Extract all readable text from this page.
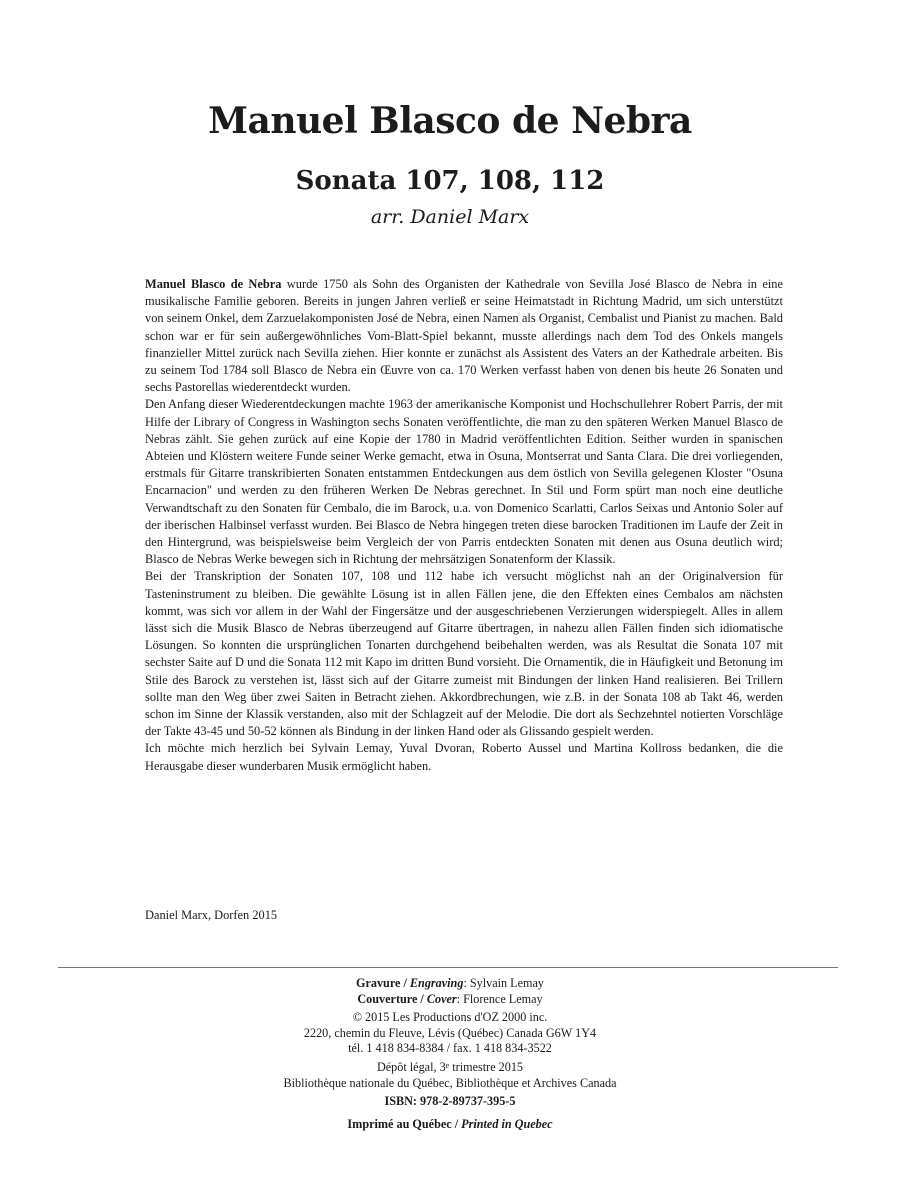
Manuel Blasco de Nebra
Sonata 107, 108, 112

arr. Daniel Marx

Manuel Blasco de Nebra wurde 1750 als Sohn des Organisten der Kathedrale von Sevilla José Blasco de Nebra in eine musikalische Familie geboren. Bereits in jungen Jahren verließ er seine Heimatstadt in Richtung Madrid, um sich unterstützt von seinem Onkel, dem Zarzuelakomponisten José de Nebra, einen Namen als Organist, Cembalist und Pianist zu machen. Bald schon war er für sein außergewöhnliches Vom-Blatt-Spiel bekannt, musste allerdings nach dem Tod des Onkels mangels finanzieller Mittel zurück nach Sevilla ziehen. Hier konnte er zunächst als Assistent des Vaters an der Kathedrale arbeiten. Bis zu seinem Tod 1784 soll Blasco de Nebra ein Œuvre von ca. 170 Werken verfasst haben von denen bis heute 26 Sonaten und sechs Pastorellas wiederentdeckt wurden.

Den Anfang dieser Wiederentdeckungen machte 1963 der amerikanische Komponist und Hochschullehrer Robert Parris, der mit Hilfe der Library of Congress in Washington sechs Sonaten veröffentlichte, die man zu den späteren Werken Manuel Blasco de Nebras zählt. Sie gehen zurück auf eine Kopie der 1780 in Madrid veröffentlichten Edition. Seither wurden in spanischen Abteien und Klöstern weitere Funde seiner Werke gemacht, etwa in Osuna, Montserrat und Santa Clara. Die drei vorliegenden, erstmals für Gitarre transkribierten Sonaten entstammen Entdeckungen aus dem östlich von Sevilla gelegenen Kloster "Osuna Encarnacion" und werden zu den früheren Werken De Nebras gerechnet. In Stil und Form spürt man noch eine deutliche Verwandtschaft zu den Sonaten für Cembalo, die im Barock, u.a. von Domenico Scarlatti, Carlos Seixas und Antonio Soler auf der iberischen Halbinsel verfasst wurden. Bei Blasco de Nebra hingegen treten diese barocken Traditionen im Laufe der Zeit in den Hintergrund, was beispielsweise beim Vergleich der von Parris entdeckten Sonaten mit denen aus Osuna deutlich wird; Blasco de Nebras Werke bewegen sich in Richtung der mehrsätzigen Sonatenform der Klassik.

Bei der Transkription der Sonaten 107, 108 und 112 habe ich versucht möglichst nah an der Originalversion für Tasteninstrument zu bleiben. Die gewählte Lösung ist in allen Fällen jene, die den Effekten eines Cembalos am nächsten kommt, was sich vor allem in der Wahl der Fingersätze und der ausgeschriebenen Verzierungen widerspiegelt. Alles in allem lässt sich die Musik Blasco de Nebras überzeugend auf Gitarre übertragen, in nahezu allen Fällen finden sich idiomatische Lösungen. So konnten die ursprünglichen Tonarten durchgehend beibehalten werden, was als Resultat die Sonata 107 mit sechster Saite auf D und die Sonata 112 mit Kapo im dritten Bund vorsieht. Die Ornamentik, die in Häufigkeit und Betonung im Stile des Barock zu verstehen ist, lässt sich auf der Gitarre zumeist mit Bindungen der linken Hand realisieren. Bei Trillern sollte man den Weg über zwei Saiten in Betracht ziehen. Akkordbrechungen, wie z.B. in der Sonata 108 ab Takt 46, werden schon im Sinne der Klassik verstanden, also mit der Schlagzeit auf der Melodie. Die dort als Sechzehntel notierten Vorschläge der Takte 43-45 und 50-52 können als Bindung in der linken Hand oder als Glissando gespielt werden.

Ich möchte mich herzlich bei Sylvain Lemay, Yuval Dvoran, Roberto Aussel und Martina Kollross bedanken, die die Herausgabe dieser wunderbaren Musik ermöglicht haben.

Daniel Marx, Dorfen 2015

Gravure / Engraving: Sylvain Lemay
Couverture / Cover: Florence Lemay
© 2015 Les Productions d'OZ 2000 inc.
2220, chemin du Fleuve, Lévis (Québec) Canada G6W 1Y4
tél. 1 418 834-8384 / fax. 1 418 834-3522
Dépôt légal, 3e trimestre 2015
Bibliothèque nationale du Québec, Bibliothèque et Archives Canada
ISBN: 978-2-89737-395-5
Imprimé au Québec / Printed in Quebec
